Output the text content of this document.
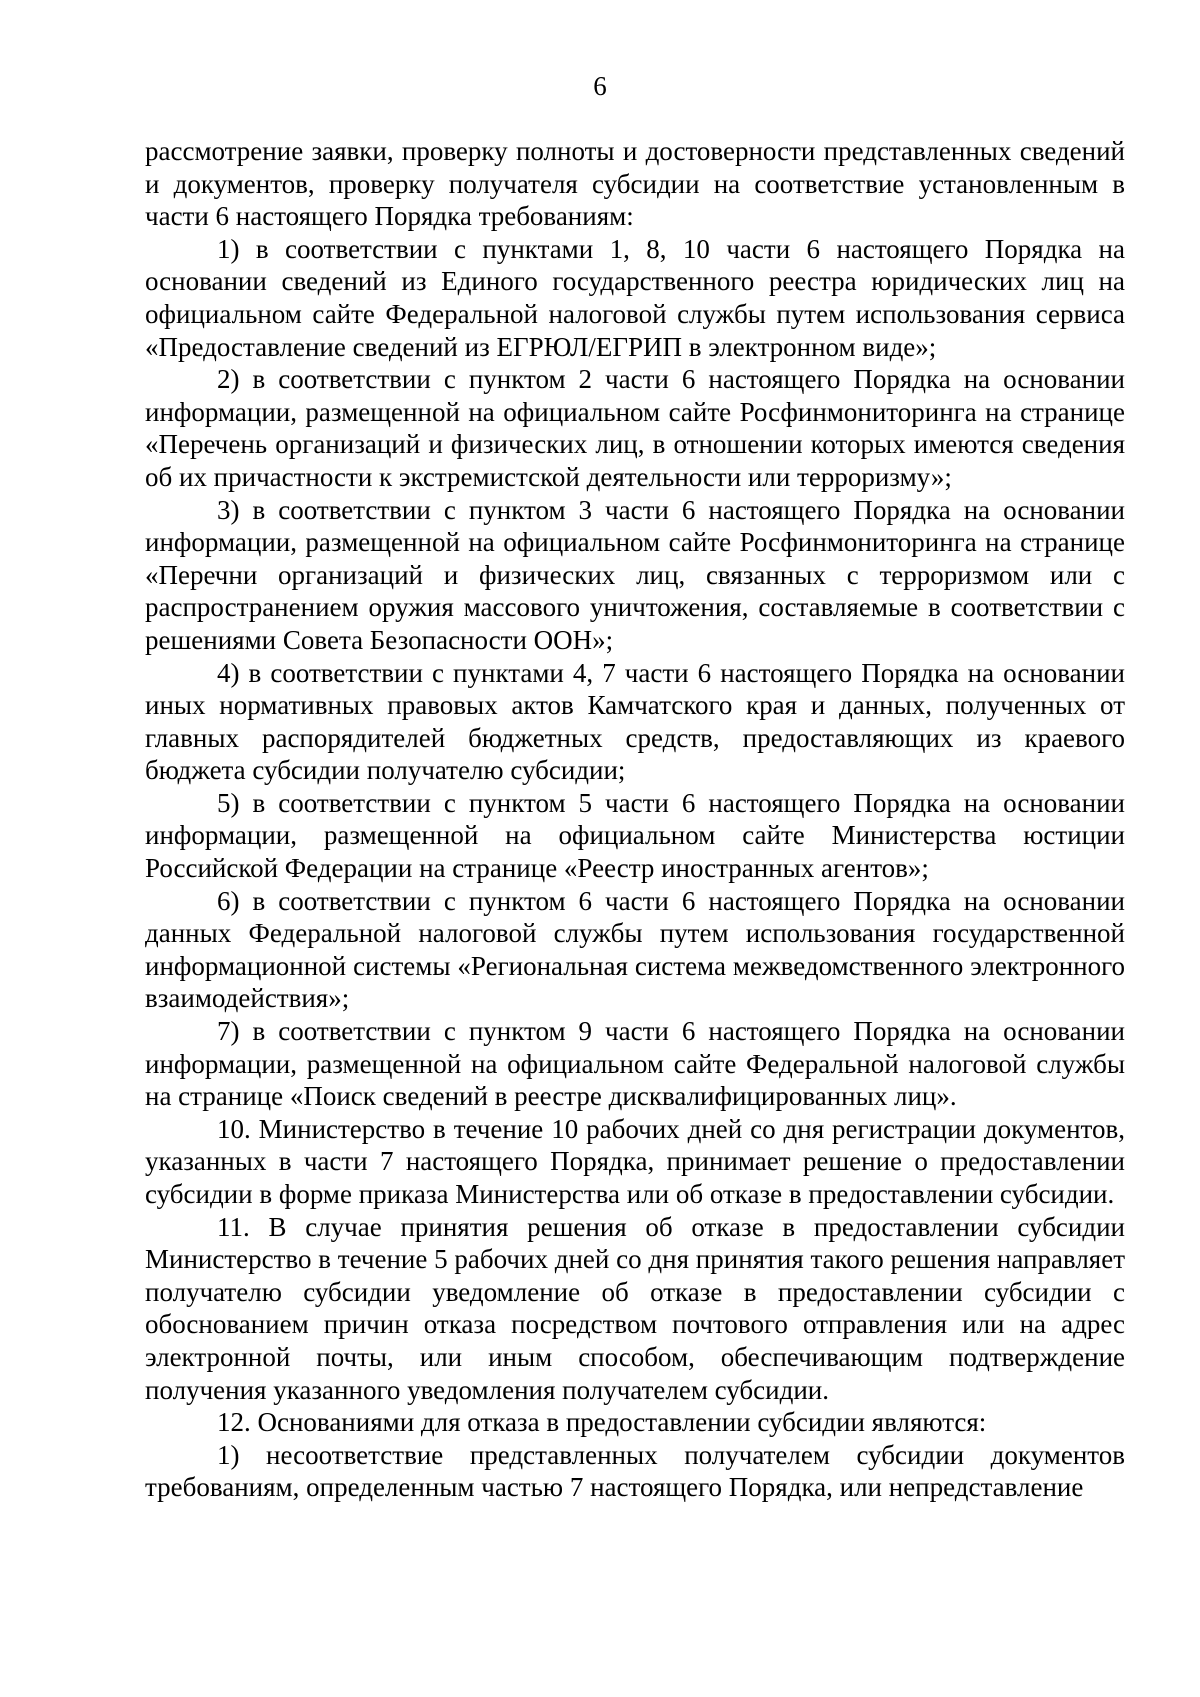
6

рассмотрение заявки, проверку полноты и достоверности представленных сведений и документов, проверку получателя субсидии на соответствие установленным в части 6 настоящего Порядка требованиям:

1) в соответствии с пунктами 1, 8, 10 части 6 настоящего Порядка на основании сведений из Единого государственного реестра юридических лиц на официальном сайте Федеральной налоговой службы путем использования сервиса «Предоставление сведений из ЕГРЮЛ/ЕГРИП в электронном виде»;

2) в соответствии с пунктом 2 части 6 настоящего Порядка на основании информации, размещенной на официальном сайте Росфинмониторинга на странице «Перечень организаций и физических лиц, в отношении которых имеются сведения об их причастности к экстремистской деятельности или терроризму»;

3) в соответствии с пунктом 3 части 6 настоящего Порядка на основании информации, размещенной на официальном сайте Росфинмониторинга на странице «Перечни организаций и физических лиц, связанных с терроризмом или с распространением оружия массового уничтожения, составляемые в соответствии с решениями Совета Безопасности ООН»;

4) в соответствии с пунктами 4, 7 части 6 настоящего Порядка на основании иных нормативных правовых актов Камчатского края и данных, полученных от главных распорядителей бюджетных средств, предоставляющих из краевого бюджета субсидии получателю субсидии;

5) в соответствии с пунктом 5 части 6 настоящего Порядка на основании информации, размещенной на официальном сайте Министерства юстиции Российской Федерации на странице «Реестр иностранных агентов»;

6) в соответствии с пунктом 6 части 6 настоящего Порядка на основании данных Федеральной налоговой службы путем использования государственной информационной системы «Региональная система межведомственного электронного взаимодействия»;

7) в соответствии с пунктом 9 части 6 настоящего Порядка на основании информации, размещенной на официальном сайте Федеральной налоговой службы на странице «Поиск сведений в реестре дисквалифицированных лиц».

10. Министерство в течение 10 рабочих дней со дня регистрации документов, указанных в части 7 настоящего Порядка, принимает решение о предоставлении субсидии в форме приказа Министерства или об отказе в предоставлении субсидии.

11. В случае принятия решения об отказе в предоставлении субсидии Министерство в течение 5 рабочих дней со дня принятия такого решения направляет получателю субсидии уведомление об отказе в предоставлении субсидии с обоснованием причин отказа посредством почтового отправления или на адрес электронной почты, или иным способом, обеспечивающим подтверждение получения указанного уведомления получателем субсидии.

12. Основаниями для отказа в предоставлении субсидии являются:

1) несоответствие представленных получателем субсидии документов требованиям, определенным частью 7 настоящего Порядка, или непредставление
